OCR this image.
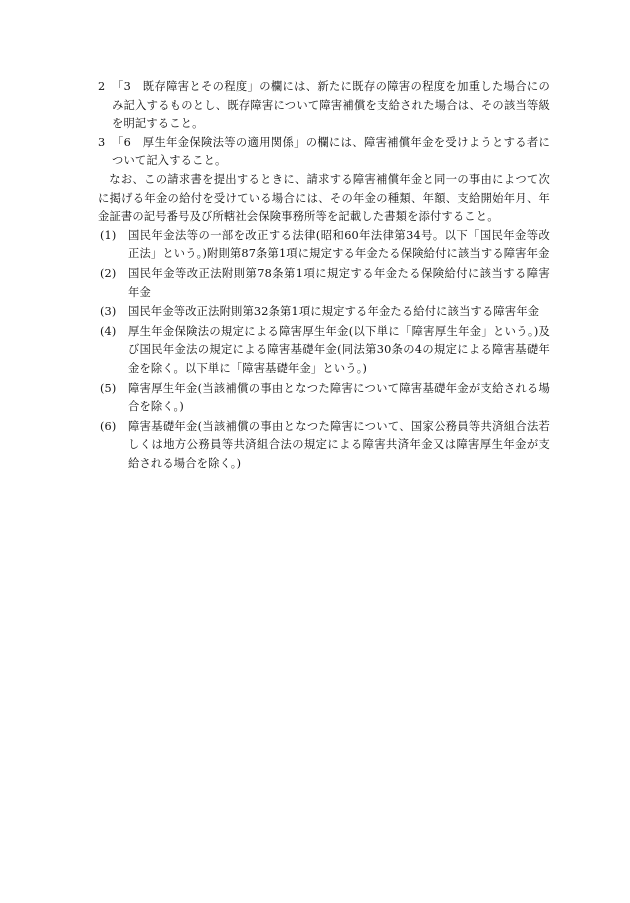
2 「3　既存障害とその程度」の欄には、新たに既存の障害の程度を加重した場合にのみ記入するものとし、既存障害について障害補償を支給された場合は、その該当等級を明記すること。
3 「6　厚生年金保険法等の適用関係」の欄には、障害補償年金を受けようとする者について記入すること。

なお、この請求書を提出するときに、請求する障害補償年金と同一の事由によつて次に掲げる年金の給付を受けている場合には、その年金の種類、年額、支給開始年月、年金証書の記号番号及び所轄社会保険事務所等を記載した書類を添付すること。

(1)	国民年金法等の一部を改正する法律(昭和60年法律第34号。以下「国民年金等改正法」という。)附則第87条第1項に規定する年金たる保険給付に該当する障害年金
(2)	国民年金等改正法附則第78条第1項に規定する年金たる保険給付に該当する障害年金
(3)	国民年金等改正法附則第32条第1項に規定する年金たる給付に該当する障害年金
(4)	厚生年金保険法の規定による障害厚生年金(以下単に「障害厚生年金」という。)及び国民年金法の規定による障害基礎年金(同法第30条の4の規定による障害基礎年金を除く。以下単に「障害基礎年金」という。)
(5)	障害厚生年金(当該補償の事由となつた障害について障害基礎年金が支給される場合を除く。)
(6)	障害基礎年金(当該補償の事由となつた障害について、国家公務員等共済組合法若しくは地方公務員等共済組合法の規定による障害共済年金又は障害厚生年金が支給される場合を除く。)
